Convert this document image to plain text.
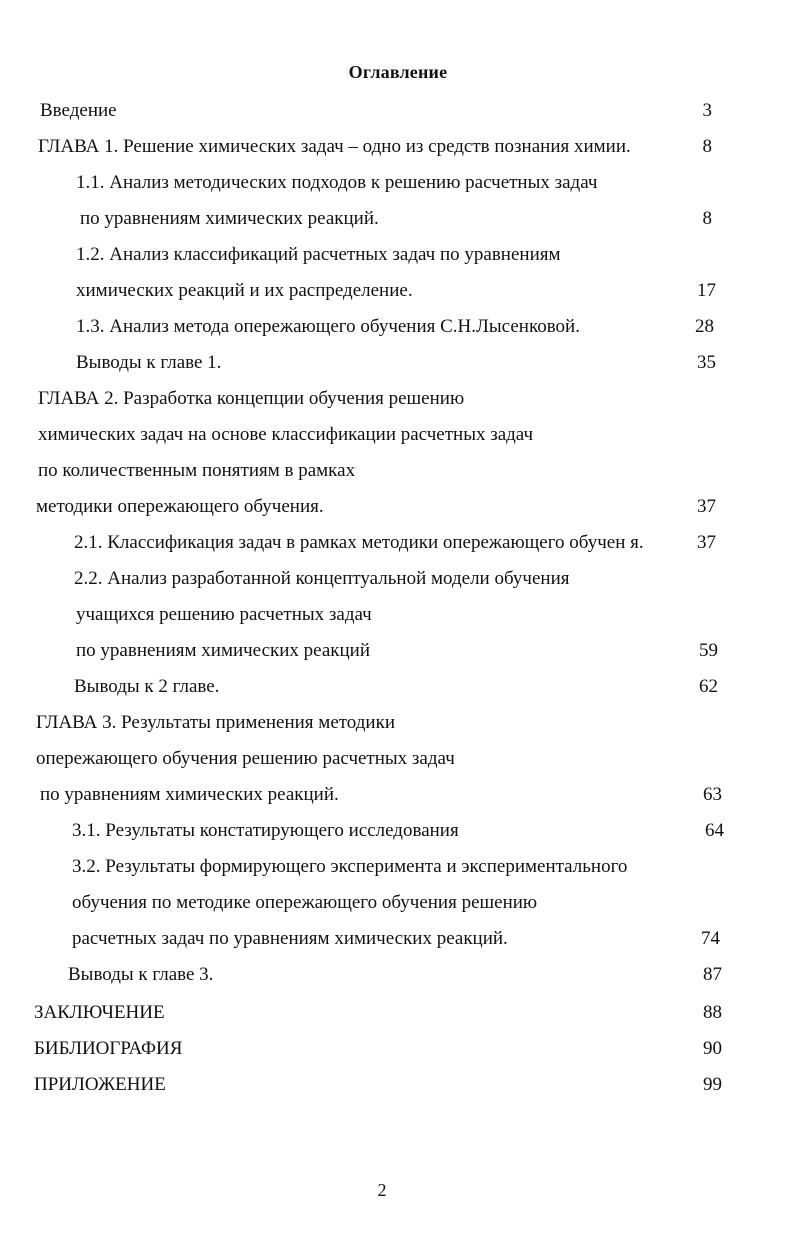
Оглавление
Введение	3
ГЛАВА 1. Решение химических задач – одно из средств познания химии.	8
1.1. Анализ методических подходов к решению расчетных задач
по уравнениям химических реакций.	8
1.2. Анализ классификаций расчетных задач по уравнениям
химических реакций и их распределение.	17
1.3. Анализ метода опережающего обучения С.Н.Лысенковой.	28
Выводы к главе 1.	35
ГЛАВА 2. Разработка концепции обучения решению
химических задач на основе классификации расчетных задач
по количественным понятиям в рамках
методики опережающего обучения.	37
2.1. Классификация задач в рамках методики опережающего обучен я.	37
2.2. Анализ разработанной концептуальной модели обучения
учащихся решению расчетных задач
по уравнениям химических реакций	59
Выводы к 2 главе.	62
ГЛАВА 3. Результаты применения методики
опережающего обучения решению расчетных задач
по уравнениям химических реакций.	63
3.1. Результаты констатирующего исследования	64
3.2. Результаты формирующего эксперимента и экспериментального
обучения по методике опережающего обучения решению
расчетных задач по уравнениям химических реакций.	74
Выводы к главе 3.	87
ЗАКЛЮЧЕНИЕ	88
БИБЛИОГРАФИЯ	90
ПРИЛОЖЕНИЕ	99
2
